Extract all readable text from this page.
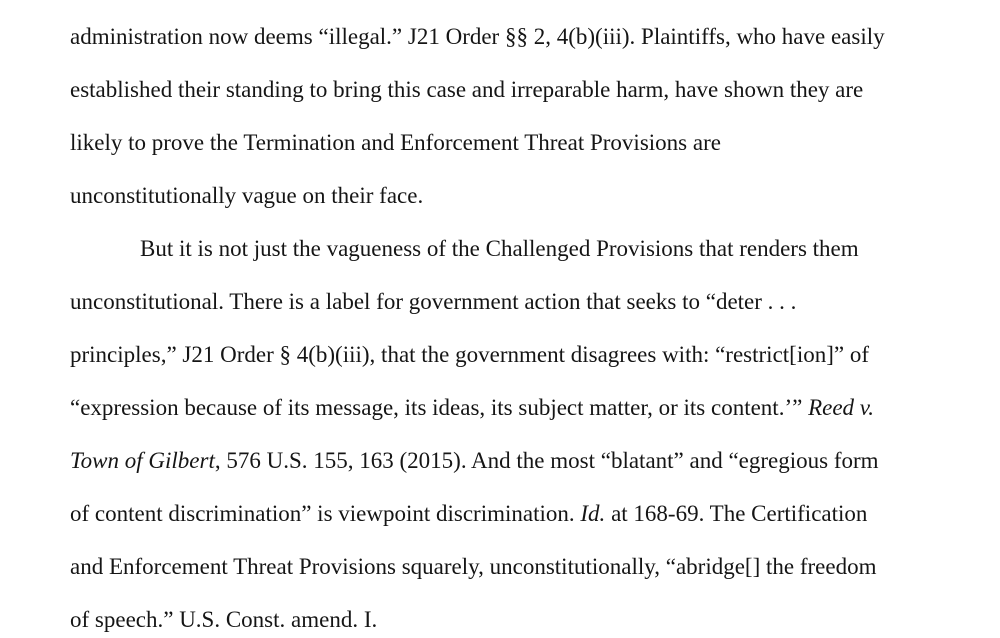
administration now deems “illegal.” J21 Order §§ 2, 4(b)(iii). Plaintiffs, who have easily
established their standing to bring this case and irreparable harm, have shown they are
likely to prove the Termination and Enforcement Threat Provisions are
unconstitutionally vague on their face.
But it is not just the vagueness of the Challenged Provisions that renders them
unconstitutional. There is a label for government action that seeks to “deter . . .
principles,” J21 Order § 4(b)(iii), that the government disagrees with: “restrict[ion]” of
“expression because of its message, its ideas, its subject matter, or its content.’” Reed v.
Town of Gilbert, 576 U.S. 155, 163 (2015). And the most “blatant” and “egregious form
of content discrimination” is viewpoint discrimination. Id. at 168-69. The Certification
and Enforcement Threat Provisions squarely, unconstitutionally, “abridge[] the freedom
of speech.” U.S. Const. amend. I.
